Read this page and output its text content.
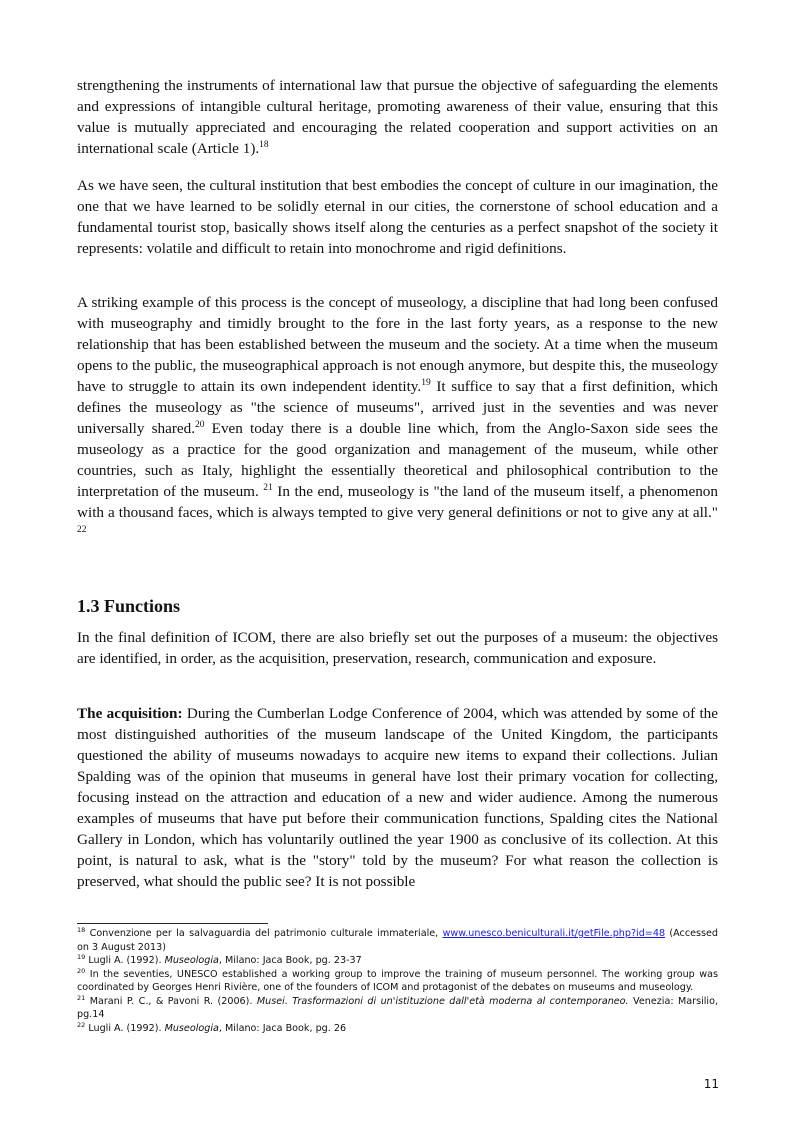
strengthening the instruments of international law that pursue the objective of safeguarding the elements and expressions of intangible cultural heritage, promoting awareness of their value, ensuring that this value is mutually appreciated and encouraging the related cooperation and support activities on an international scale (Article 1).$^{18}$

As we have seen, the cultural institution that best embodies the concept of culture in our imagination, the one that we have learned to be solidly eternal in our cities, the cornerstone of school education and a fundamental tourist stop, basically shows itself along the centuries as a perfect snapshot of the society it represents: volatile and difficult to retain into monochrome and rigid definitions.

A striking example of this process is the concept of museology, a discipline that had long been confused with museography and timidly brought to the fore in the last forty years, as a response to the new relationship that has been established between the museum and the society. At a time when the museum opens to the public, the museographical approach is not enough anymore, but despite this, the museology have to struggle to attain its own independent identity.$^{19}$ It suffice to say that a first definition, which defines the museology as "the science of museums", arrived just in the seventies and was never universally shared.$^{20}$ Even today there is a double line which, from the Anglo-Saxon side sees the museology as a practice for the good organization and management of the museum, while other countries, such as Italy, highlight the essentially theoretical and philosophical contribution to the interpretation of the museum. $^{21}$ In the end, museology is "the land of the museum itself, a phenomenon with a thousand faces, which is always tempted to give very general definitions or not to give any at all." $^{22}$

1.3 Functions

In the final definition of ICOM, there are also briefly set out the purposes of a museum: the objectives are identified, in order, as the acquisition, preservation, research, communication and exposure.

The acquisition: During the Cumberlan Lodge Conference of 2004, which was attended by some of the most distinguished authorities of the museum landscape of the United Kingdom, the participants questioned the ability of museums nowadays to acquire new items to expand their collections. Julian Spalding was of the opinion that museums in general have lost their primary vocation for collecting, focusing instead on the attraction and education of a new and wider audience. Among the numerous examples of museums that have put before their communication functions, Spalding cites the National Gallery in London, which has voluntarily outlined the year 1900 as conclusive of its collection. At this point, is natural to ask, what is the "story" told by the museum? For what reason the collection is preserved, what should the public see? It is not possible

$^{18}$ Convenzione per la salvaguardia del patrimonio culturale immateriale, www.unesco.beniculturali.it/getFile.php?id=48 (Accessed on 3 August 2013)

$^{19}$ Lugli A. (1992). Museologia, Milano: Jaca Book, pg. 23-37

$^{20}$ In the seventies, UNESCO established a working group to improve the training of museum personnel. The working group was coordinated by Georges Henri Rivière, one of the founders of ICOM and protagonist of the debates on museums and museology.

$^{21}$ Marani P. C., & Pavoni R. (2006). Musei. Trasformazioni di un'istituzione dall'età moderna al contemporaneo. Venezia: Marsilio, pg.14

$^{22}$ Lugli A. (1992). Museologia, Milano: Jaca Book, pg. 26

11
